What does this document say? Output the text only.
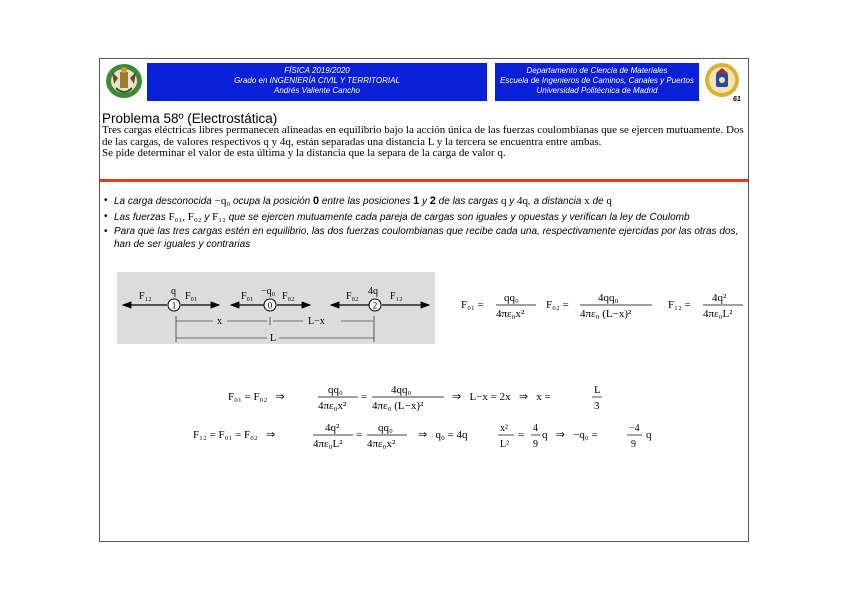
FÍSICA 2019/2020
Grado en INGENIERÍA CIVIL Y TERRITORIAL
Andrés Valiente Cancho
Departamento de Ciencia de Materiales
Escuela de Ingenieros de Caminos, Canales y Puertos
Universidad Politécnica de Madrid
61
Problema 58º (Electrostática)

Tres cargas eléctricas libres permanecen alineadas en equilibrio bajo la acción única de las fuerzas coulombianas que se ejercen mutuamente. Dos de las cargas, de valores respectivos q y 4q, están separadas una distancia L y la tercera se encuentra entre ambas.

Se pide determinar el valor de esta última y la distancia que la separa de la carga de valor q.

• La carga desconocida −q₀ ocupa la posición 0 entre las posiciones 1 y 2 de las cargas q y 4q, a distancia x de q
• Las fuerzas F₀₁, F₀₂ y F₁₂ que se ejercen mutuamente cada pareja de cargas son iguales y opuestas y verifican la ley de Coulomb
• Para que las tres cargas estén en equilibrio, las dos fuerzas coulombianas que recibe cada una, respectivamente ejercidas por las otras dos, han de ser iguales y contrarias
1	0	2
F₁₂ q F₀₁	F₀₁ −q₀ F₀₂	F₀₂ 4q F₁₂
x	L−x
L
F₀₁ =
qq₀
4πε₀x²
F₀₂ =
4qq₀
4πε₀ (L−x)²
F₁₂ =
4q²
4πε₀L²
F₀₁ = F₀₂   ⇒
qq₀
4πε₀x²
=
4qq₀
4πε₀ (L−x)²
⇒   L−x = 2x   ⇒   x =
L
3
F₁₂ = F₀₁ = F₀₂   ⇒
4q²
4πε₀L²
=
qq₀
4πε₀x²
⇒   q₀ = 4q
x²
L²
=
4
9
q   ⇒   −q₀ =
−4
9
q
